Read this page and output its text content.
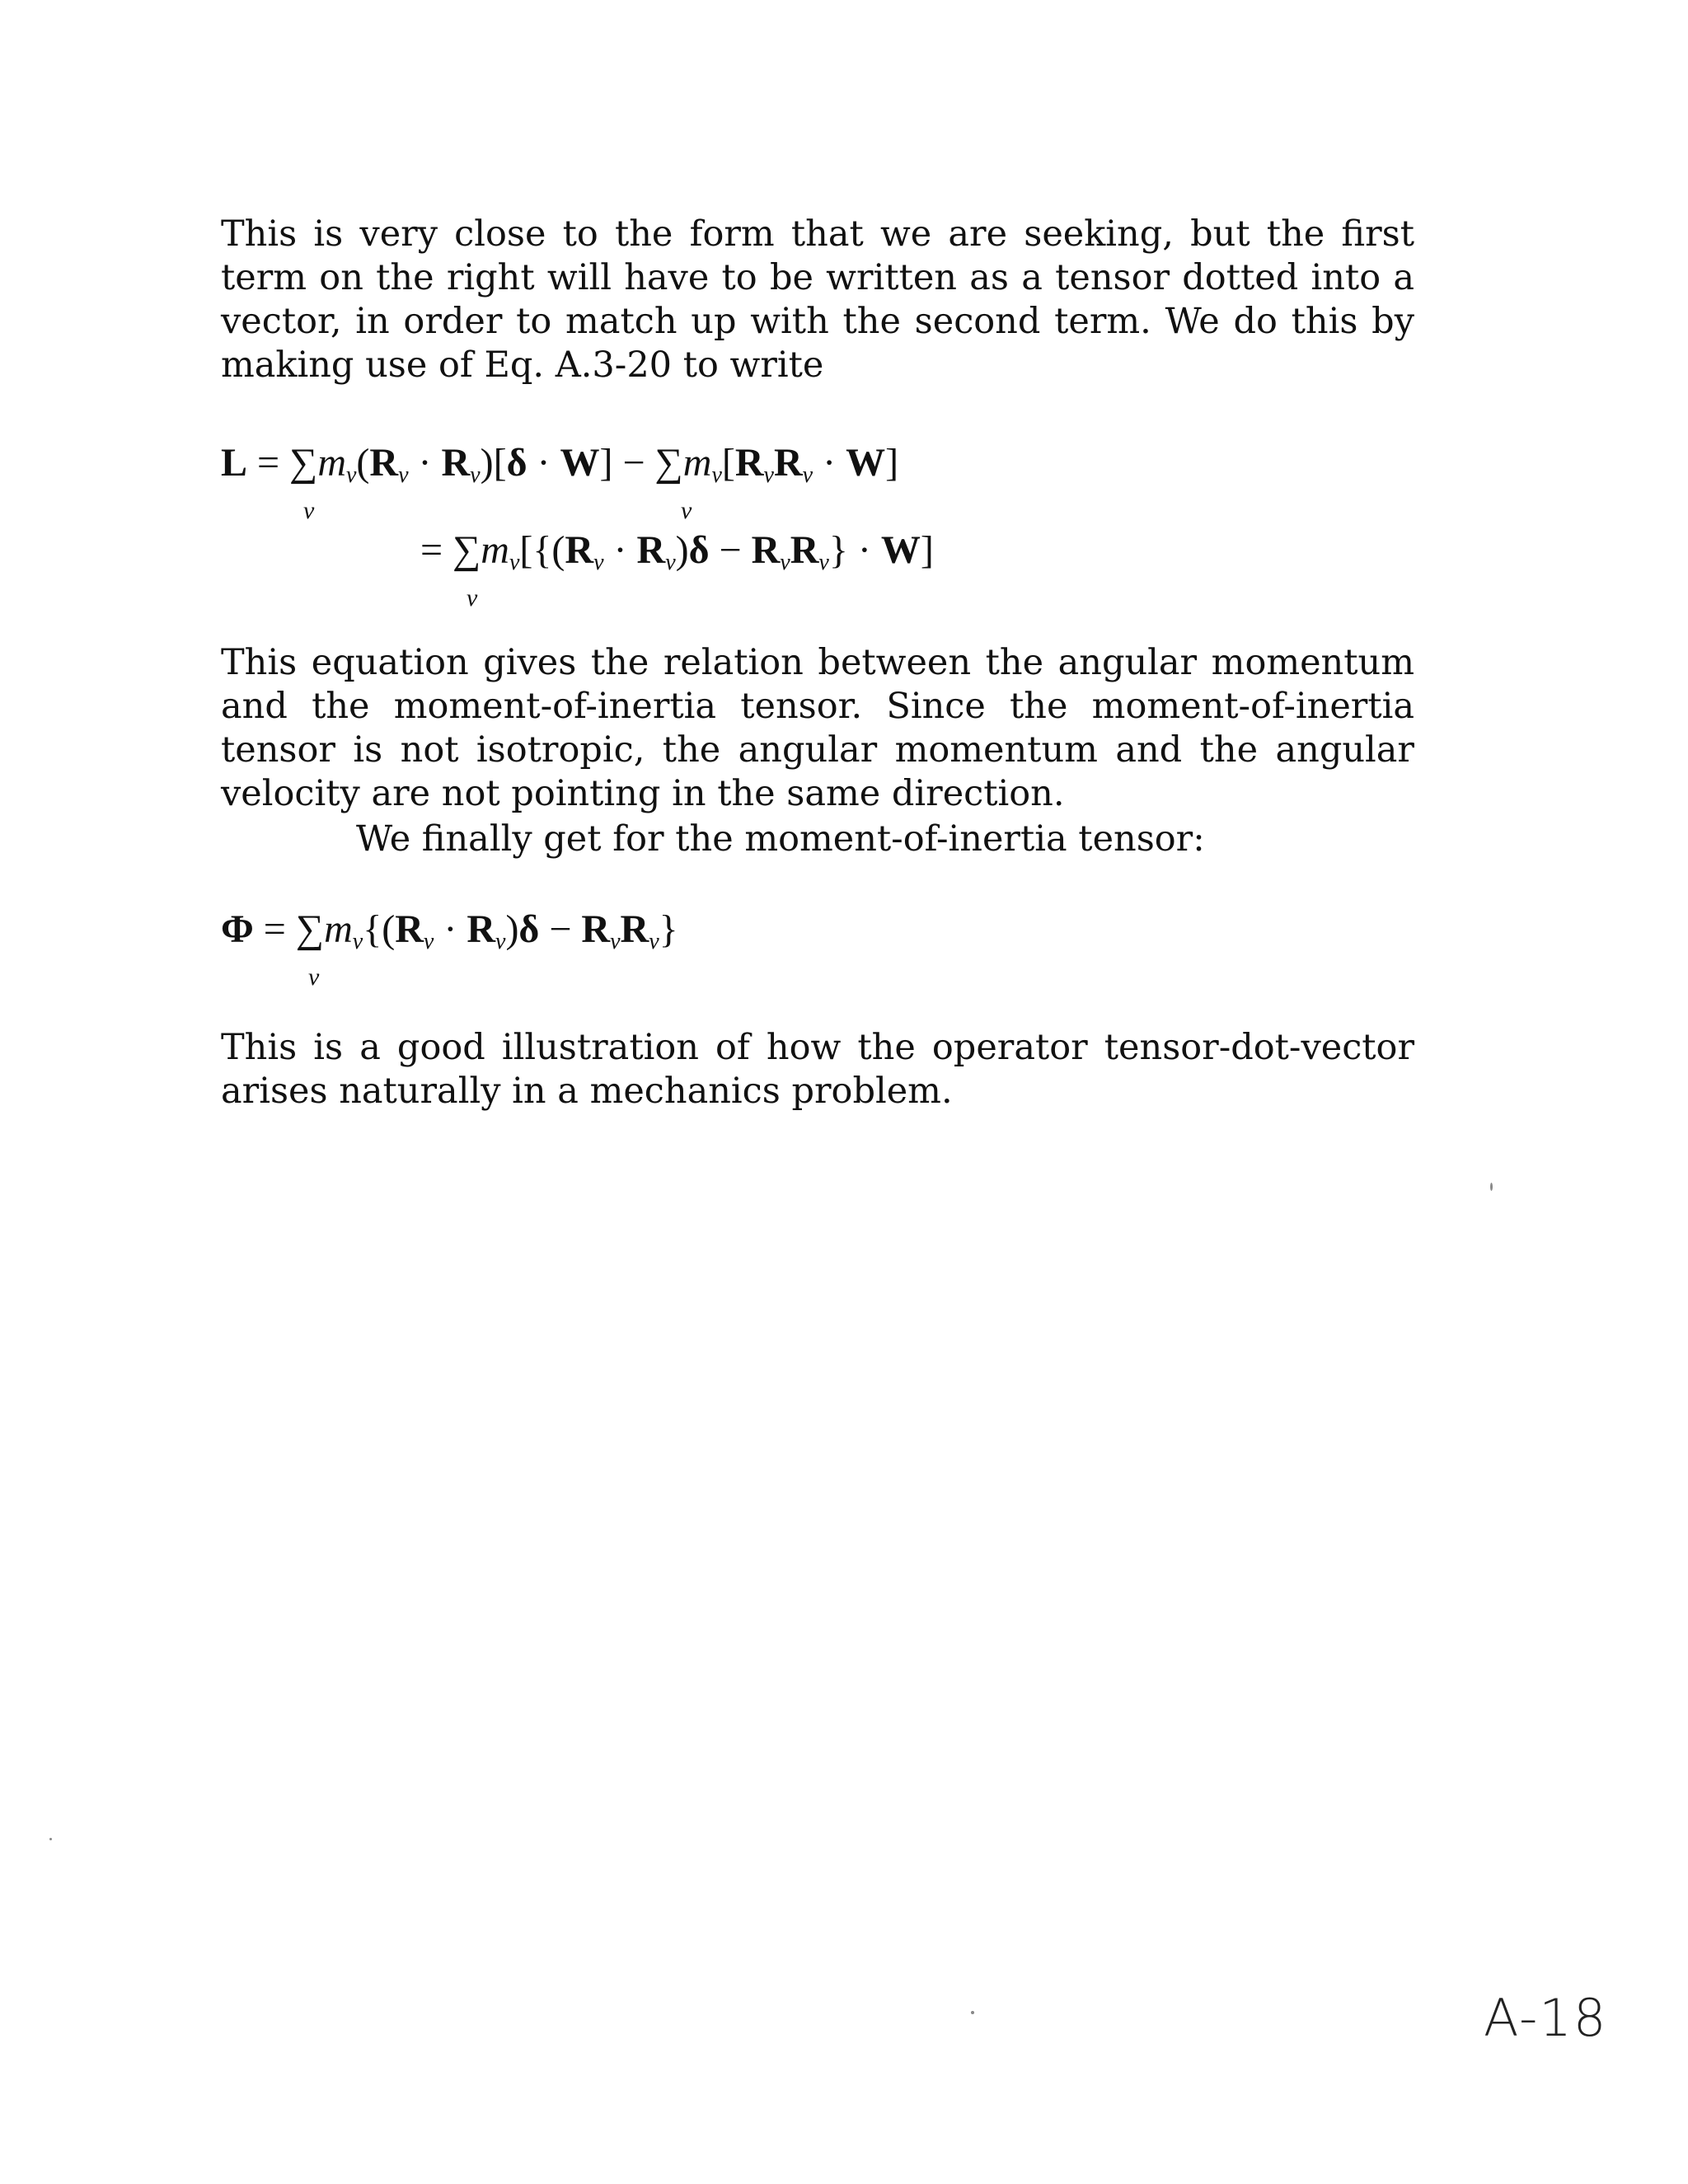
This is very close to the form that we are seeking, but the first term on the right will have to be written as a tensor dotted into a vector, in order to match up with the second term. We do this by making use of Eq. A.3-20 to write

$L = \sum m_\nu(R_\nu \cdot R_\nu)[\delta \cdot W] - \sum m_\nu[R_\nu R_\nu \cdot W]$
ν	ν
= $\sum m_\nu[\{(R_\nu \cdot R_\nu)\delta - R_\nu R_\nu\} \cdot W]$
ν

This equation gives the relation between the angular momentum and the moment-of-inertia tensor. Since the moment-of-inertia tensor is not isotropic, the angular momentum and the angular velocity are not pointing in the same direction.

We finally get for the moment-of-inertia tensor:

$\Phi = \sum m_\nu\{(R_\nu \cdot R_\nu)\delta - R_\nu R_\nu\}$
ν

This is a good illustration of how the operator tensor-dot-vector arises naturally in a mechanics problem.

A-18
